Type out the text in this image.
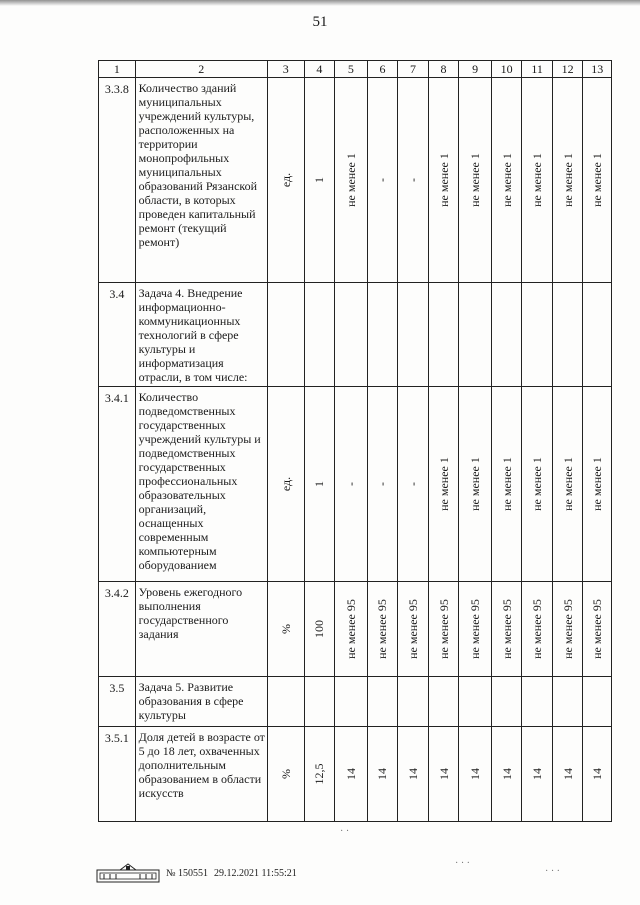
51
1	2	3	4	5	6	7	8	9	10	11	12	13
3.3.8	Количество зданий муниципальных учреждений культуры, расположенных на территории монопрофильных муниципальных образований Рязанской области, в которых проведен капитальный ремонт (текущий ремонт)	ед.	1	не менее 1	-	-	не менее 1	не менее 1	не менее 1	не менее 1	не менее 1	не менее 1

3.4	Задача 4. Внедрение информационно-коммуникационных технологий в сфере культуры и информатизация отрасли, в том числе:	

3.4.1	Количество подведомственных государственных учреждений культуры и подведомственных государственных профессиональных образовательных организаций, оснащенных современным компьютерным оборудованием	ед.	1	-	-	-	не менее 1	не менее 1	не менее 1	не менее 1	не менее 1	не менее 1

3.4.2	Уровень ежегодного выполнения государственного задания	%	100	не менее 95	не менее 95	не менее 95	не менее 95	не менее 95	не менее 95	не менее 95	не менее 95	не менее 95

3.5	Задача 5. Развитие образования в сфере культуры	

3.5.1	Доля детей в возрасте от 5 до 18 лет, охваченных дополнительным образованием в области искусств	%	12,5	14	14	14	14	14	14	14	14	14
№ 150551 29.12.2021 11:55:21
· ·
· · ·
· · ·
